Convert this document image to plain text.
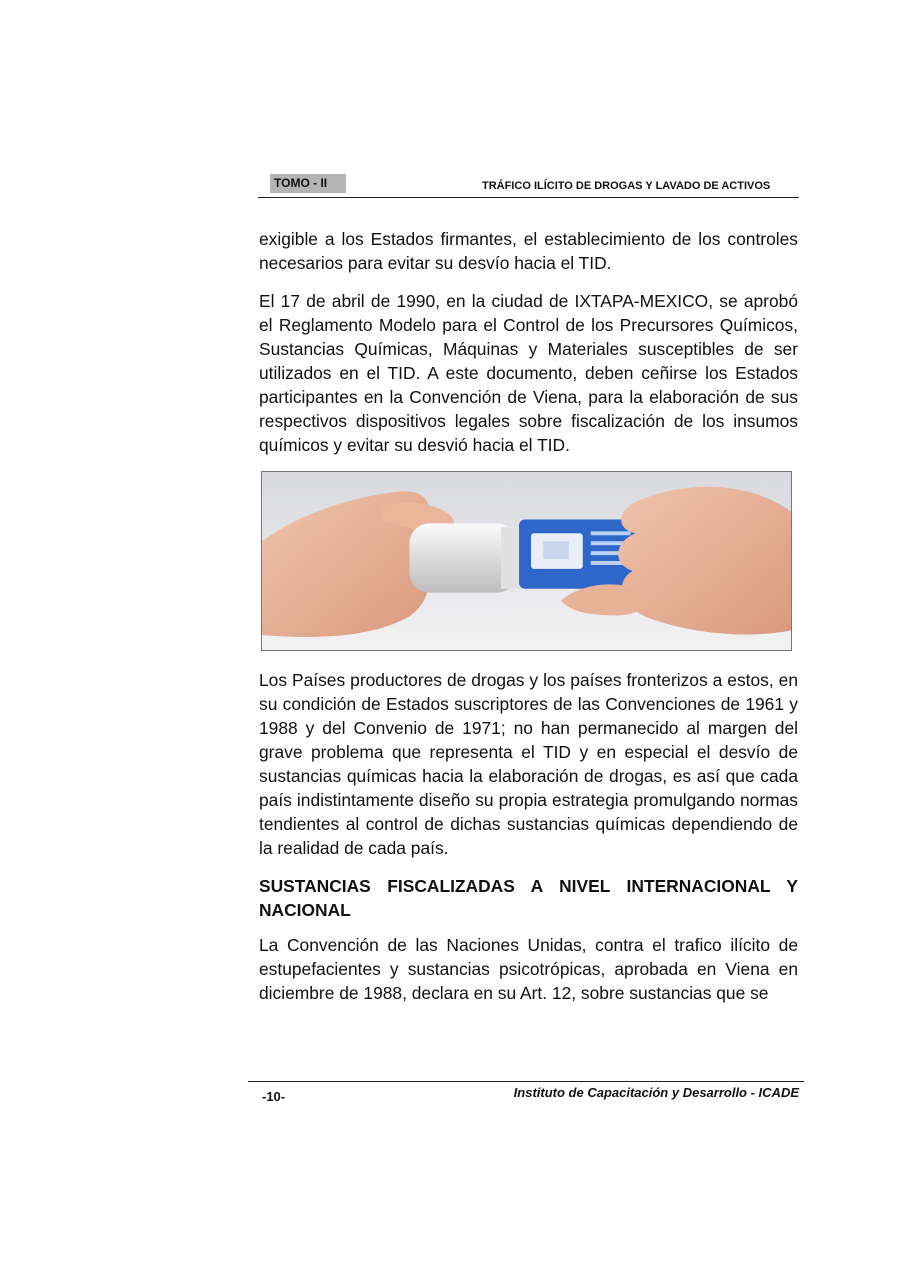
TOMO - II	TRÁFICO ILÍCITO DE DROGAS Y LAVADO DE ACTIVOS

exigible a los Estados firmantes, el establecimiento de los controles necesarios para evitar su desvío hacia el TID.

El 17 de abril de 1990, en la ciudad de IXTAPA-MEXICO, se aprobó el Reglamento Modelo para el Control de los Precursores Químicos, Sustancias Químicas, Máquinas y Materiales susceptibles de ser utilizados en el TID. A este documento, deben ceñirse los Estados participantes en la Convención de Viena, para la elaboración de sus respectivos dispositivos legales sobre fiscalización de los insumos químicos y evitar su desvió hacia el TID.

Los Países productores de drogas y los países fronterizos a estos, en su condición de Estados suscriptores de las Convenciones de 1961 y 1988 y del Convenio de 1971; no han permanecido al margen del grave problema que representa el TID y en especial el desvío de sustancias químicas hacia la elaboración de drogas, es así que cada país indistintamente diseño su propia estrategia promulgando normas tendientes al control de dichas sustancias químicas dependiendo de la realidad de cada país.

SUSTANCIAS FISCALIZADAS A NIVEL INTERNACIONAL Y NACIONAL

La Convención de las Naciones Unidas, contra el trafico ilícito de estupefacientes y sustancias psicotrópicas, aprobada en Viena en diciembre de 1988, declara en su Art. 12, sobre sustancias que se

-10-	Instituto de Capacitación y Desarrollo - ICADE
